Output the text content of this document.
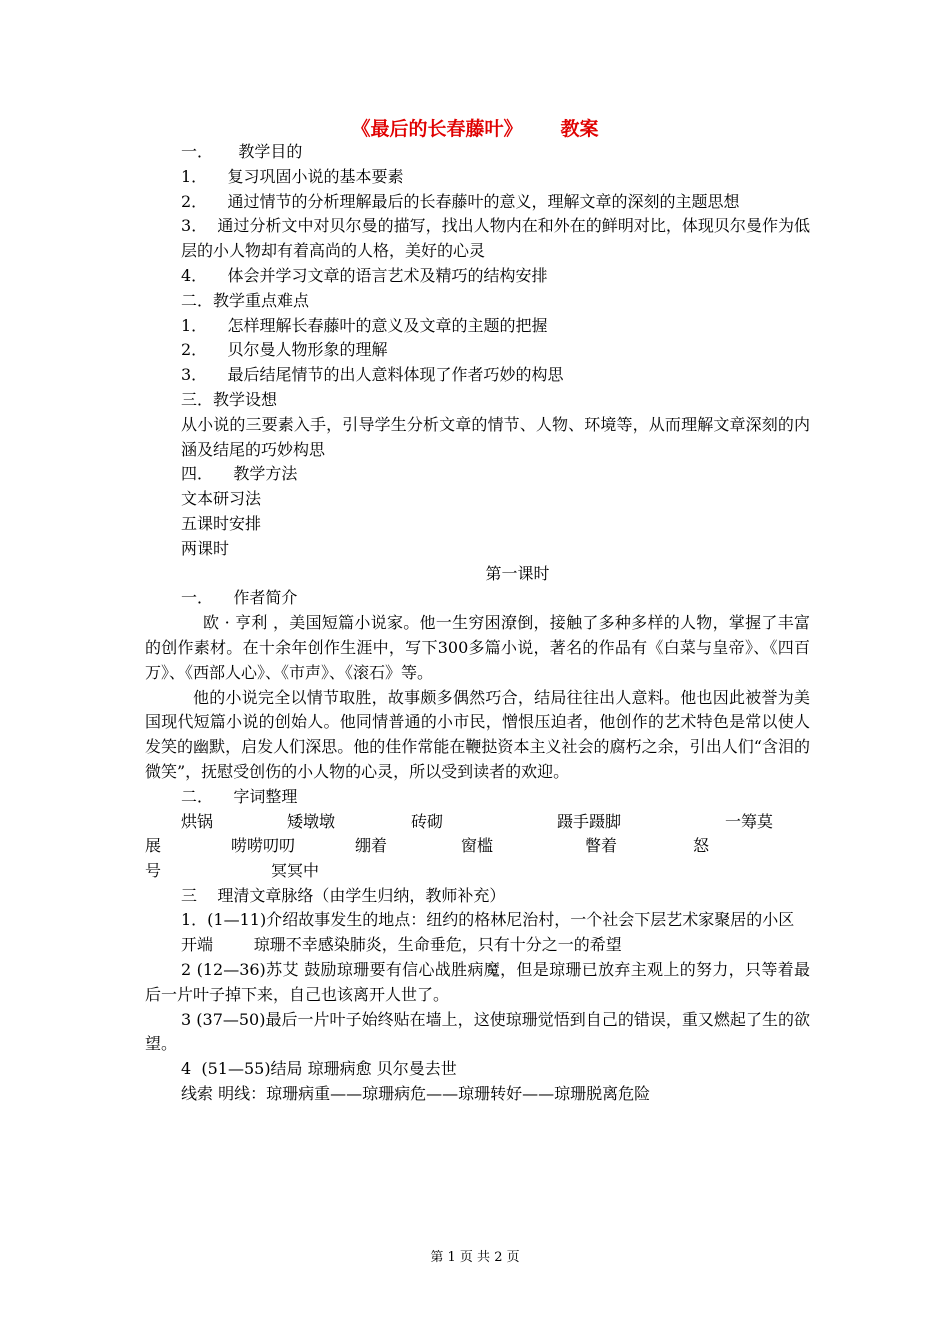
《最后的长春藤叶》 教案

一．     教学目的

1．    复习巩固小说的基本要素

2．    通过情节的分析理解最后的长春藤叶的意义，理解文章的深刻的主题思想

3．  通过分析文中对贝尔曼的描写，找出人物内在和外在的鲜明对比，体现贝尔曼作为低层的小人物却有着高尚的人格，美好的心灵

4．    体会并学习文章的语言艺术及精巧的结构安排

二．教学重点难点

1．    怎样理解长春藤叶的意义及文章的主题的把握

2．    贝尔曼人物形象的理解

3．    最后结尾情节的出人意料体现了作者巧妙的构思

三．教学设想

从小说的三要素入手，引导学生分析文章的情节、人物、环境等，从而理解文章深刻的内涵及结尾的巧妙构思

四．    教学方法

文本研习法

五课时安排

两课时

第一课时

一．    作者简介

欧 · 亨利 ，美国短篇小说家。他一生穷困潦倒，接触了多种多样的人物，掌握了丰富的创作素材。在十余年创作生涯中，写下300多篇小说，著名的作品有《白菜与皇帝》、《四百万》、《西部人心》、《市声》、《滚石》等。

他的小说完全以情节取胜，故事颇多偶然巧合，结局往往出人意料。他也因此被誉为美国现代短篇小说的创始人。他同情普通的小市民，憎恨压迫者，他创作的艺术特色是常以使人发笑的幽默，启发人们深思。他的佳作常能在鞭挞资本主义社会的腐朽之余，引出人们“含泪的微笑”，抚慰受创伤的小人物的心灵，所以受到读者的欢迎。

二．    字词整理

烘锅	矮墩墩	砖砌	蹑手蹑脚	一筹莫
展	唠唠叨叨	绷着	窗槛	瞥着	怒
号	冥冥中

三    理清文章脉络（由学生归纳，教师补充）

1．(1—11)介绍故事发生的地点：纽约的格林尼治村，一个社会下层艺术家聚居的小区

开端        琼珊不幸感染肺炎，生命垂危，只有十分之一的希望

2 (12—36)苏艾 鼓励琼珊要有信心战胜病魔，但是琼珊已放弃主观上的努力，只等着最后一片叶子掉下来，自己也该离开人世了。

3 (37—50)最后一片叶子始终贴在墙上，这使琼珊觉悟到自己的错误，重又燃起了生的欲望。

4  (51—55)结局 琼珊病愈 贝尔曼去世

线索 明线：琼珊病重——琼珊病危——琼珊转好——琼珊脱离危险

第 1 页 共 2 页
